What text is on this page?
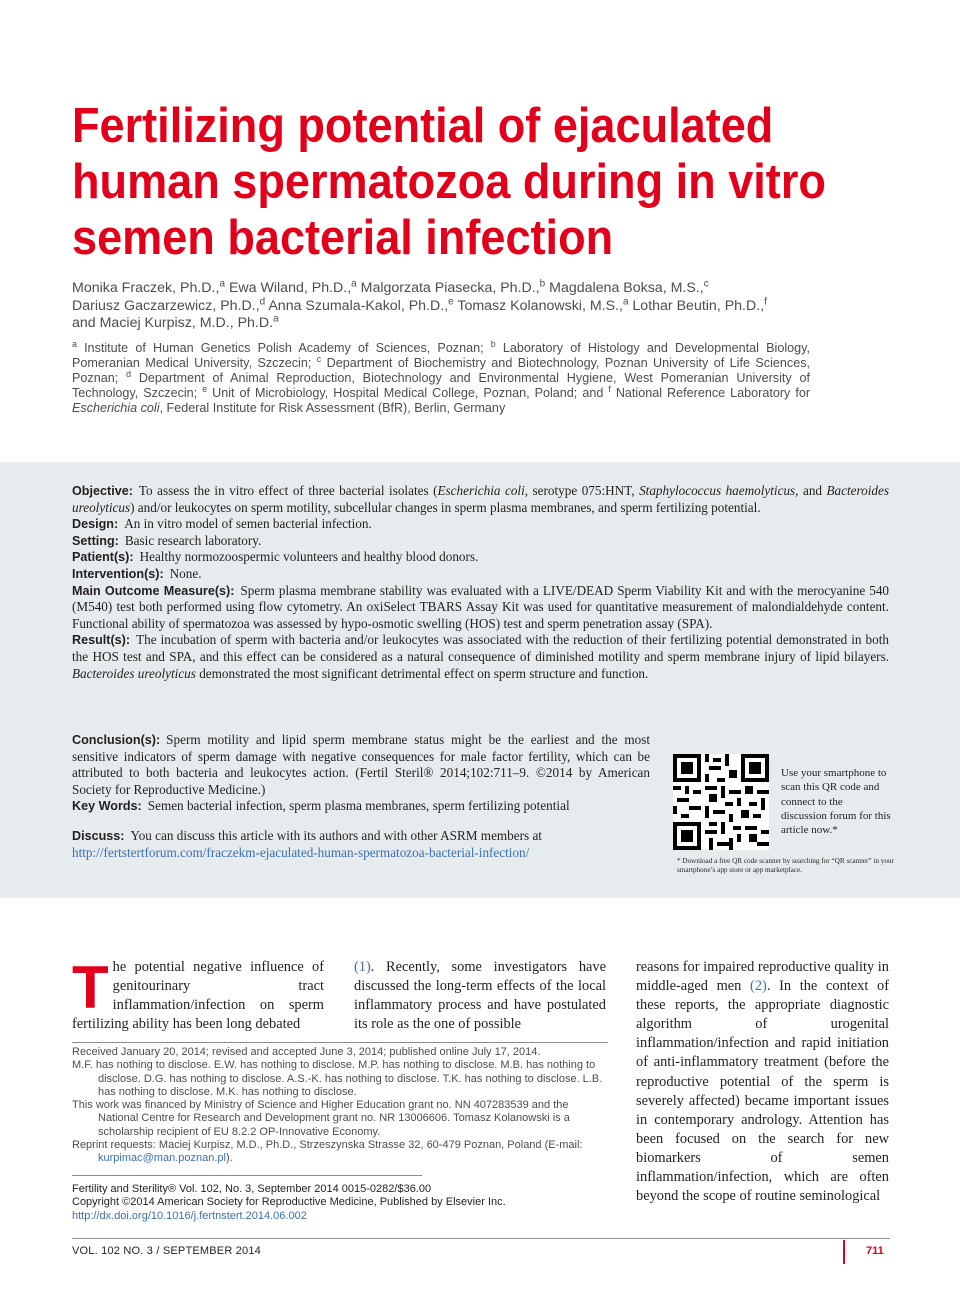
Fertilizing potential of ejaculated human spermatozoa during in vitro semen bacterial infection
Monika Fraczek, Ph.D.,$^a$ Ewa Wiland, Ph.D.,$^a$ Malgorzata Piasecka, Ph.D.,$^b$ Magdalena Boksa, M.S.,$^c$
Dariusz Gaczarzewicz, Ph.D.,$^d$ Anna Szumala-Kakol, Ph.D.,$^e$ Tomasz Kolanowski, M.S.,$^a$ Lothar Beutin, Ph.D.,$^f$
and Maciej Kurpisz, M.D., Ph.D.$^a$
$^a$ Institute of Human Genetics Polish Academy of Sciences, Poznan; $^b$ Laboratory of Histology and Developmental Biology, Pomeranian Medical University, Szczecin; $^c$ Department of Biochemistry and Biotechnology, Poznan University of Life Sciences, Poznan; $^d$ Department of Animal Reproduction, Biotechnology and Environmental Hygiene, West Pomeranian University of Technology, Szczecin; $^e$ Unit of Microbiology, Hospital Medical College, Poznan, Poland; and $^f$ National Reference Laboratory for Escherichia coli, Federal Institute for Risk Assessment (BfR), Berlin, Germany

Objective: To assess the in vitro effect of three bacterial isolates (Escherichia coli, serotype 075:HNT, Staphylococcus haemolyticus, and Bacteroides ureolyticus) and/or leukocytes on sperm motility, subcellular changes in sperm plasma membranes, and sperm fertilizing potential.

Design: An in vitro model of semen bacterial infection.

Setting: Basic research laboratory.

Patient(s): Healthy normozoospermic volunteers and healthy blood donors.

Intervention(s): None.

Main Outcome Measure(s): Sperm plasma membrane stability was evaluated with a LIVE/DEAD Sperm Viability Kit and with the merocyanine 540 (M540) test both performed using flow cytometry. An oxiSelect TBARS Assay Kit was used for quantitative measurement of malondialdehyde content. Functional ability of spermatozoa was assessed by hypo-osmotic swelling (HOS) test and sperm penetration assay (SPA).

Result(s): The incubation of sperm with bacteria and/or leukocytes was associated with the reduction of their fertilizing potential demonstrated in both the HOS test and SPA, and this effect can be considered as a natural consequence of diminished motility and sperm membrane injury of lipid bilayers. Bacteroides ureolyticus demonstrated the most significant detrimental effect on sperm structure and function.

Conclusion(s): Sperm motility and lipid sperm membrane status might be the earliest and the most sensitive indicators of sperm damage with negative consequences for male factor fertility, which can be attributed to both bacteria and leukocytes action. (Fertil Steril® 2014;102:711–9. ©2014 by American Society for Reproductive Medicine.)

Key Words: Semen bacterial infection, sperm plasma membranes, sperm fertilizing potential

Discuss: You can discuss this article with its authors and with other ASRM members at http://fertstertforum.com/fraczekm-ejaculated-human-spermatozoa-bacterial-infection/
Use your smartphone to scan this QR code and connect to the discussion forum for this article now.*
* Download a free QR code scanner by searching for “QR scanner” in your smartphone’s app store or app marketplace.
The potential negative influence of genitourinary tract inflammation/infection on sperm fertilizing ability has been long debated
(1). Recently, some investigators have discussed the long-term effects of the local inflammatory process and have postulated its role as the one of possible
reasons for impaired reproductive quality in middle-aged men (2). In the context of these reports, the appropriate diagnostic algorithm of urogenital inflammation/infection and rapid initiation of anti-inflammatory treatment (before the reproductive potential of the sperm is severely affected) became important issues in contemporary andrology. Attention has been focused on the search for new biomarkers of semen inflammation/infection, which are often beyond the scope of routine seminological

Received January 20, 2014; revised and accepted June 3, 2014; published online July 17, 2014.

M.F. has nothing to disclose. E.W. has nothing to disclose. M.P. has nothing to disclose. M.B. has nothing to disclose. D.G. has nothing to disclose. A.S.-K. has nothing to disclose. T.K. has nothing to disclose. L.B. has nothing to disclose. M.K. has nothing to disclose.

This work was financed by Ministry of Science and Higher Education grant no. NN 407283539 and the National Centre for Research and Development grant no. NR 13006606. Tomasz Kolanowski is a scholarship recipient of EU 8.2.2 OP-Innovative Economy.

Reprint requests: Maciej Kurpisz, M.D., Ph.D., Strzeszynska Strasse 32, 60-479 Poznan, Poland (E-mail: kurpimac@man.poznan.pl).

Fertility and Sterility® Vol. 102, No. 3, September 2014 0015-0282/$36.00

Copyright ©2014 American Society for Reproductive Medicine, Published by Elsevier Inc.

http://dx.doi.org/10.1016/j.fertnstert.2014.06.002

VOL. 102 NO. 3 / SEPTEMBER 2014	711
